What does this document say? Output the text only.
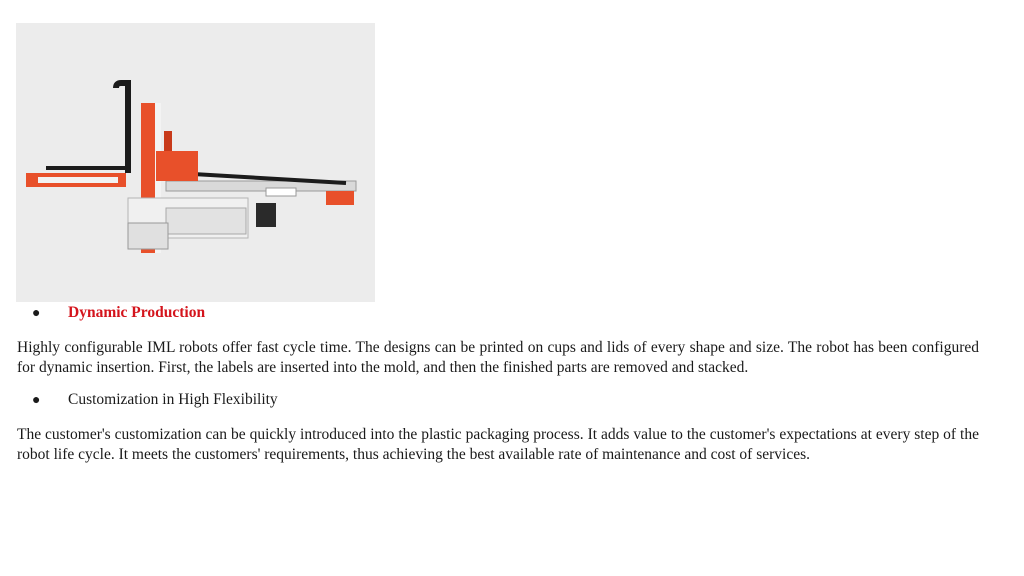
●	Dynamic Production

Highly configurable IML robots offer fast cycle time. The designs can be printed on cups and lids of every shape and size. The robot has been configured for dynamic insertion. First, the labels are inserted into the mold, and then the finished parts are removed and stacked.

●	Customization in High Flexibility

The customer's customization can be quickly introduced into the plastic packaging process. It adds value to the customer's expectations at every step of the robot life cycle. It meets the customers' requirements, thus achieving the best available rate of maintenance and cost of services.
